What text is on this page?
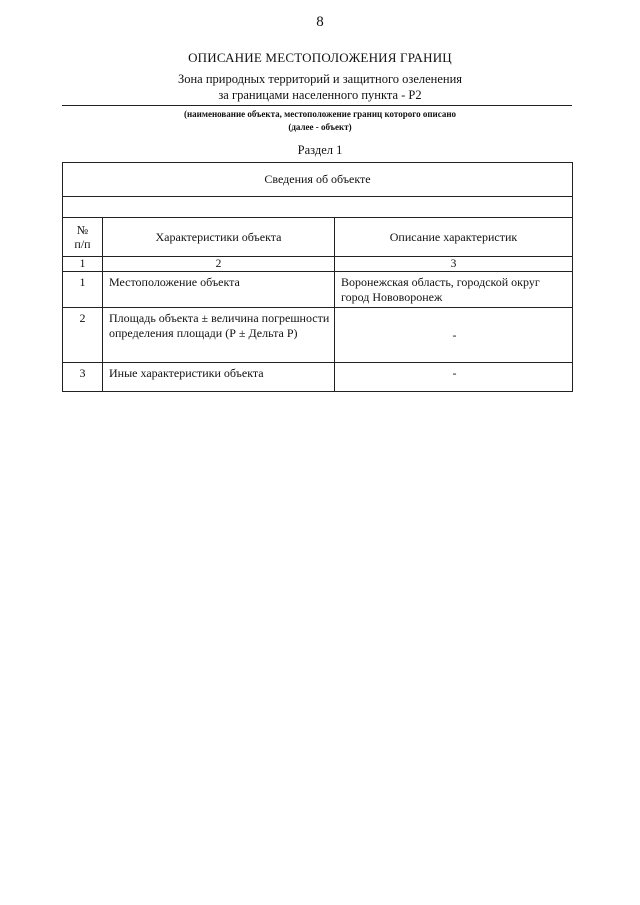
8
ОПИСАНИЕ МЕСТОПОЛОЖЕНИЯ ГРАНИЦ
Зона природных территорий и защитного озеленения
за границами населенного пункта - Р2
(наименование объекта, местоположение границ которого описано
(далее - объект)
Раздел 1
Сведения об объекте		

№
п/п	Характеристики объекта	Описание характеристик
1	2	3
1	Местоположение объекта	Воронежская область, городской округ город Нововоронеж
2	Площадь объекта ± величина погрешности определения площади (Р ± Дельта Р)	-
3	Иные характеристики объекта	-
